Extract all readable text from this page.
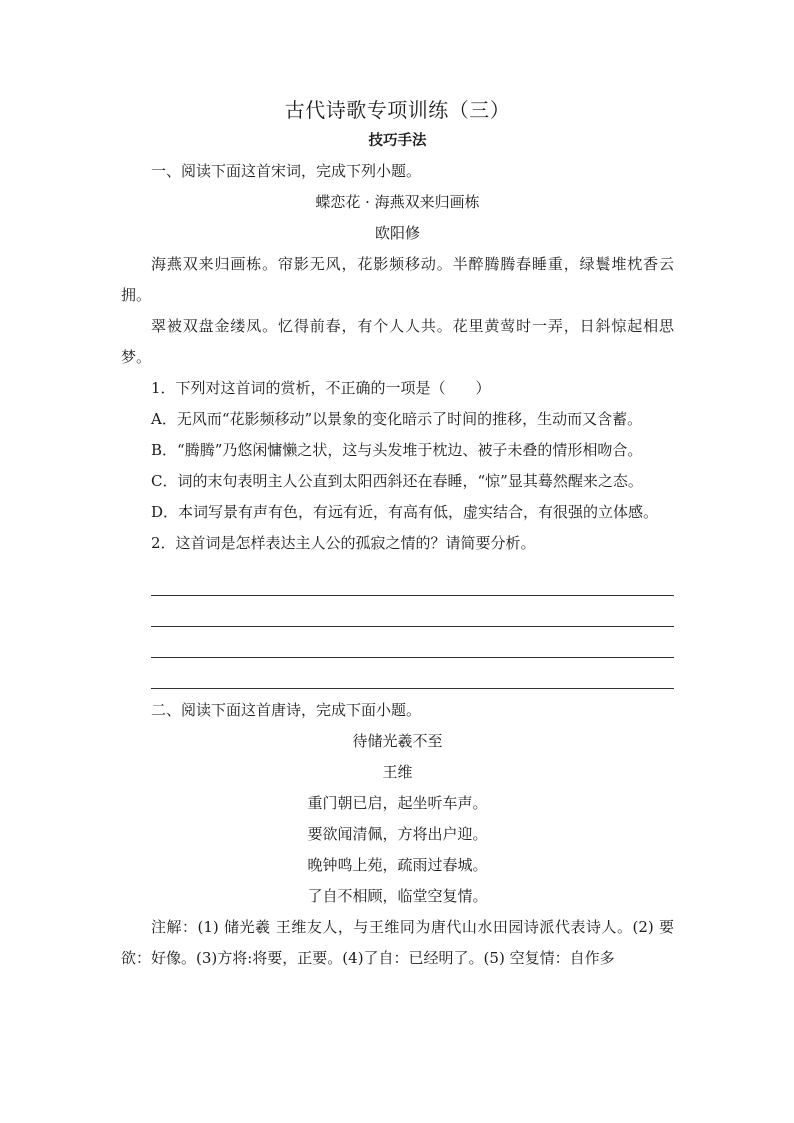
古代诗歌专项训练（三）
技巧手法

一、阅读下面这首宋词，完成下列小题。

蝶恋花 · 海燕双来归画栋

欧阳修

海燕双来归画栋。帘影无风，花影频移动。半醉腾腾春睡重，绿鬟堆枕香云拥。

翠被双盘金缕凤。忆得前春，有个人人共。花里黄莺时一弄，日斜惊起相思梦。

1．下列对这首词的赏析，不正确的一项是（　　）

A．无风而“花影频移动”以景象的变化暗示了时间的推移，生动而又含蓄。

B．“腾腾”乃悠闲慵懒之状，这与头发堆于枕边、被子未叠的情形相吻合。

C．词的末句表明主人公直到太阳西斜还在春睡，“惊”显其蓦然醒来之态。

D．本词写景有声有色，有远有近，有高有低，虚实结合，有很强的立体感。

2．这首词是怎样表达主人公的孤寂之情的？请简要分析。

二、阅读下面这首唐诗，完成下面小题。

待储光羲不至

王维

重门朝已启，起坐听车声。

要欲闻清佩，方将出户迎。

晚钟鸣上苑，疏雨过春城。

了自不相顾，临堂空复情。

注解：(1) 储光羲 王维友人，与王维同为唐代山水田园诗派代表诗人。(2) 要欲：好像。(3)方将:将要，正要。(4)了自：已经明了。(5) 空复情：自作多
